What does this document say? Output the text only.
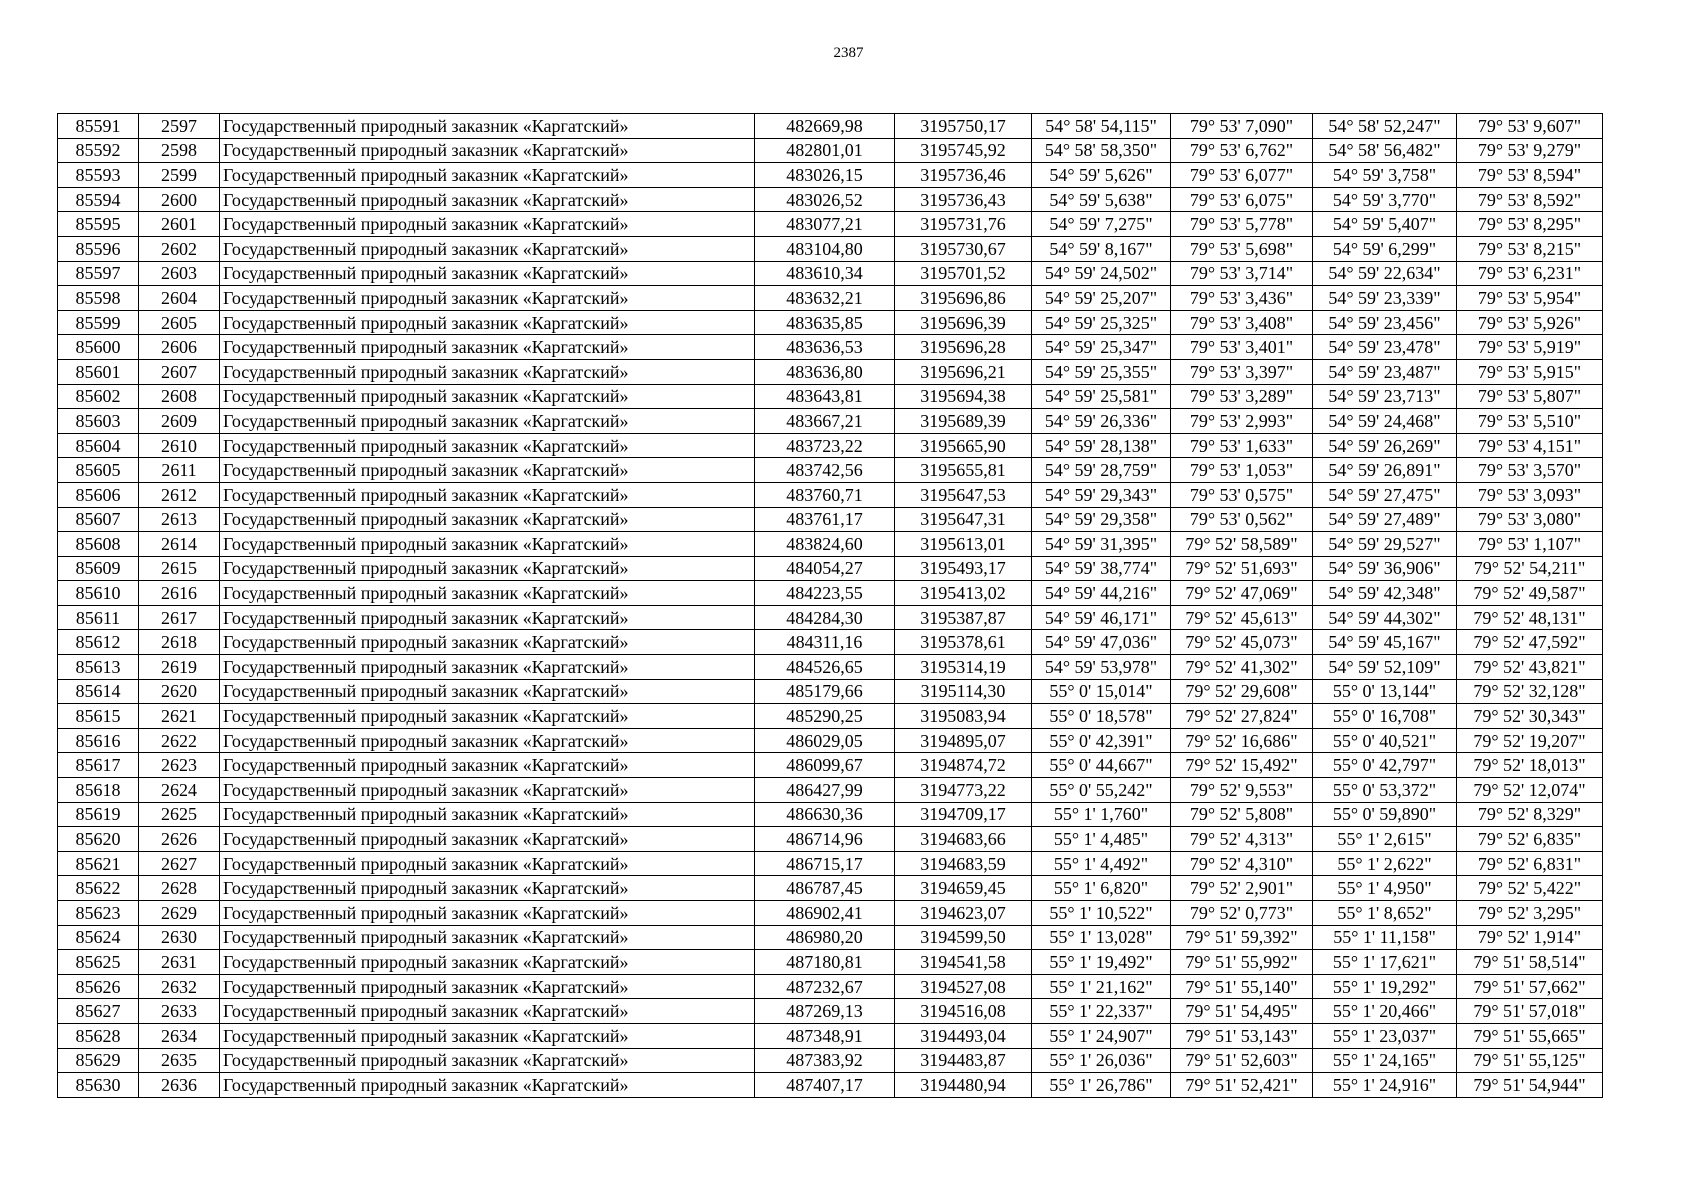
2387
85591	2597	Государственный природный заказник «Каргатский»	482669,98	3195750,17	54° 58' 54,115"	79° 53' 7,090"	54° 58' 52,247"	79° 53' 9,607"
85592	2598	Государственный природный заказник «Каргатский»	482801,01	3195745,92	54° 58' 58,350"	79° 53' 6,762"	54° 58' 56,482"	79° 53' 9,279"
85593	2599	Государственный природный заказник «Каргатский»	483026,15	3195736,46	54° 59' 5,626"	79° 53' 6,077"	54° 59' 3,758"	79° 53' 8,594"
85594	2600	Государственный природный заказник «Каргатский»	483026,52	3195736,43	54° 59' 5,638"	79° 53' 6,075"	54° 59' 3,770"	79° 53' 8,592"
85595	2601	Государственный природный заказник «Каргатский»	483077,21	3195731,76	54° 59' 7,275"	79° 53' 5,778"	54° 59' 5,407"	79° 53' 8,295"
85596	2602	Государственный природный заказник «Каргатский»	483104,80	3195730,67	54° 59' 8,167"	79° 53' 5,698"	54° 59' 6,299"	79° 53' 8,215"
85597	2603	Государственный природный заказник «Каргатский»	483610,34	3195701,52	54° 59' 24,502"	79° 53' 3,714"	54° 59' 22,634"	79° 53' 6,231"
85598	2604	Государственный природный заказник «Каргатский»	483632,21	3195696,86	54° 59' 25,207"	79° 53' 3,436"	54° 59' 23,339"	79° 53' 5,954"
85599	2605	Государственный природный заказник «Каргатский»	483635,85	3195696,39	54° 59' 25,325"	79° 53' 3,408"	54° 59' 23,456"	79° 53' 5,926"
85600	2606	Государственный природный заказник «Каргатский»	483636,53	3195696,28	54° 59' 25,347"	79° 53' 3,401"	54° 59' 23,478"	79° 53' 5,919"
85601	2607	Государственный природный заказник «Каргатский»	483636,80	3195696,21	54° 59' 25,355"	79° 53' 3,397"	54° 59' 23,487"	79° 53' 5,915"
85602	2608	Государственный природный заказник «Каргатский»	483643,81	3195694,38	54° 59' 25,581"	79° 53' 3,289"	54° 59' 23,713"	79° 53' 5,807"
85603	2609	Государственный природный заказник «Каргатский»	483667,21	3195689,39	54° 59' 26,336"	79° 53' 2,993"	54° 59' 24,468"	79° 53' 5,510"
85604	2610	Государственный природный заказник «Каргатский»	483723,22	3195665,90	54° 59' 28,138"	79° 53' 1,633"	54° 59' 26,269"	79° 53' 4,151"
85605	2611	Государственный природный заказник «Каргатский»	483742,56	3195655,81	54° 59' 28,759"	79° 53' 1,053"	54° 59' 26,891"	79° 53' 3,570"
85606	2612	Государственный природный заказник «Каргатский»	483760,71	3195647,53	54° 59' 29,343"	79° 53' 0,575"	54° 59' 27,475"	79° 53' 3,093"
85607	2613	Государственный природный заказник «Каргатский»	483761,17	3195647,31	54° 59' 29,358"	79° 53' 0,562"	54° 59' 27,489"	79° 53' 3,080"
85608	2614	Государственный природный заказник «Каргатский»	483824,60	3195613,01	54° 59' 31,395"	79° 52' 58,589"	54° 59' 29,527"	79° 53' 1,107"
85609	2615	Государственный природный заказник «Каргатский»	484054,27	3195493,17	54° 59' 38,774"	79° 52' 51,693"	54° 59' 36,906"	79° 52' 54,211"
85610	2616	Государственный природный заказник «Каргатский»	484223,55	3195413,02	54° 59' 44,216"	79° 52' 47,069"	54° 59' 42,348"	79° 52' 49,587"
85611	2617	Государственный природный заказник «Каргатский»	484284,30	3195387,87	54° 59' 46,171"	79° 52' 45,613"	54° 59' 44,302"	79° 52' 48,131"
85612	2618	Государственный природный заказник «Каргатский»	484311,16	3195378,61	54° 59' 47,036"	79° 52' 45,073"	54° 59' 45,167"	79° 52' 47,592"
85613	2619	Государственный природный заказник «Каргатский»	484526,65	3195314,19	54° 59' 53,978"	79° 52' 41,302"	54° 59' 52,109"	79° 52' 43,821"
85614	2620	Государственный природный заказник «Каргатский»	485179,66	3195114,30	55° 0' 15,014"	79° 52' 29,608"	55° 0' 13,144"	79° 52' 32,128"
85615	2621	Государственный природный заказник «Каргатский»	485290,25	3195083,94	55° 0' 18,578"	79° 52' 27,824"	55° 0' 16,708"	79° 52' 30,343"
85616	2622	Государственный природный заказник «Каргатский»	486029,05	3194895,07	55° 0' 42,391"	79° 52' 16,686"	55° 0' 40,521"	79° 52' 19,207"
85617	2623	Государственный природный заказник «Каргатский»	486099,67	3194874,72	55° 0' 44,667"	79° 52' 15,492"	55° 0' 42,797"	79° 52' 18,013"
85618	2624	Государственный природный заказник «Каргатский»	486427,99	3194773,22	55° 0' 55,242"	79° 52' 9,553"	55° 0' 53,372"	79° 52' 12,074"
85619	2625	Государственный природный заказник «Каргатский»	486630,36	3194709,17	55° 1' 1,760"	79° 52' 5,808"	55° 0' 59,890"	79° 52' 8,329"
85620	2626	Государственный природный заказник «Каргатский»	486714,96	3194683,66	55° 1' 4,485"	79° 52' 4,313"	55° 1' 2,615"	79° 52' 6,835"
85621	2627	Государственный природный заказник «Каргатский»	486715,17	3194683,59	55° 1' 4,492"	79° 52' 4,310"	55° 1' 2,622"	79° 52' 6,831"
85622	2628	Государственный природный заказник «Каргатский»	486787,45	3194659,45	55° 1' 6,820"	79° 52' 2,901"	55° 1' 4,950"	79° 52' 5,422"
85623	2629	Государственный природный заказник «Каргатский»	486902,41	3194623,07	55° 1' 10,522"	79° 52' 0,773"	55° 1' 8,652"	79° 52' 3,295"
85624	2630	Государственный природный заказник «Каргатский»	486980,20	3194599,50	55° 1' 13,028"	79° 51' 59,392"	55° 1' 11,158"	79° 52' 1,914"
85625	2631	Государственный природный заказник «Каргатский»	487180,81	3194541,58	55° 1' 19,492"	79° 51' 55,992"	55° 1' 17,621"	79° 51' 58,514"
85626	2632	Государственный природный заказник «Каргатский»	487232,67	3194527,08	55° 1' 21,162"	79° 51' 55,140"	55° 1' 19,292"	79° 51' 57,662"
85627	2633	Государственный природный заказник «Каргатский»	487269,13	3194516,08	55° 1' 22,337"	79° 51' 54,495"	55° 1' 20,466"	79° 51' 57,018"
85628	2634	Государственный природный заказник «Каргатский»	487348,91	3194493,04	55° 1' 24,907"	79° 51' 53,143"	55° 1' 23,037"	79° 51' 55,665"
85629	2635	Государственный природный заказник «Каргатский»	487383,92	3194483,87	55° 1' 26,036"	79° 51' 52,603"	55° 1' 24,165"	79° 51' 55,125"
85630	2636	Государственный природный заказник «Каргатский»	487407,17	3194480,94	55° 1' 26,786"	79° 51' 52,421"	55° 1' 24,916"	79° 51' 54,944"
